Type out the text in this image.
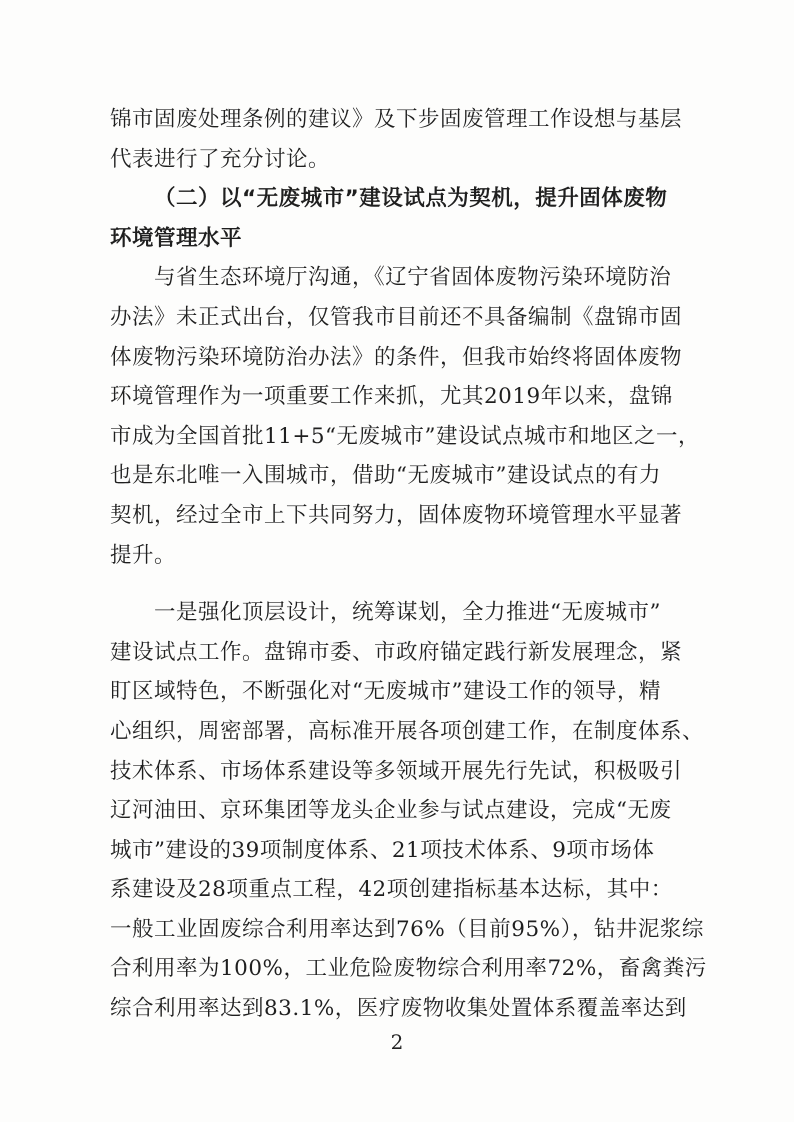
锦市固废处理条例的建议》及下步固废管理工作设想与基层
代表进行了充分讨论。
（二）以“无废城市”建设试点为契机，提升固体废物
环境管理水平
与省生态环境厅沟通，《辽宁省固体废物污染环境防治
办法》未正式出台，仅管我市目前还不具备编制《盘锦市固
体废物污染环境防治办法》的条件，但我市始终将固体废物
环境管理作为一项重要工作来抓，尤其2019年以来，盘锦
市成为全国首批11+5“无废城市”建设试点城市和地区之一，
也是东北唯一入围城市，借助“无废城市”建设试点的有力
契机，经过全市上下共同努力，固体废物环境管理水平显著
提升。
一是强化顶层设计，统筹谋划，全力推进“无废城市”
建设试点工作。盘锦市委、市政府锚定践行新发展理念，紧
盯区域特色，不断强化对“无废城市”建设工作的领导，精
心组织，周密部署，高标准开展各项创建工作，在制度体系、
技术体系、市场体系建设等多领域开展先行先试，积极吸引
辽河油田、京环集团等龙头企业参与试点建设，完成“无废
城市”建设的39项制度体系、21项技术体系、9项市场体
系建设及28项重点工程，42项创建指标基本达标，其中：
一般工业固废综合利用率达到76%（目前95%），钻井泥浆综
合利用率为100%，工业危险废物综合利用率72%，畜禽粪污
综合利用率达到83.1%，医疗废物收集处置体系覆盖率达到
2
